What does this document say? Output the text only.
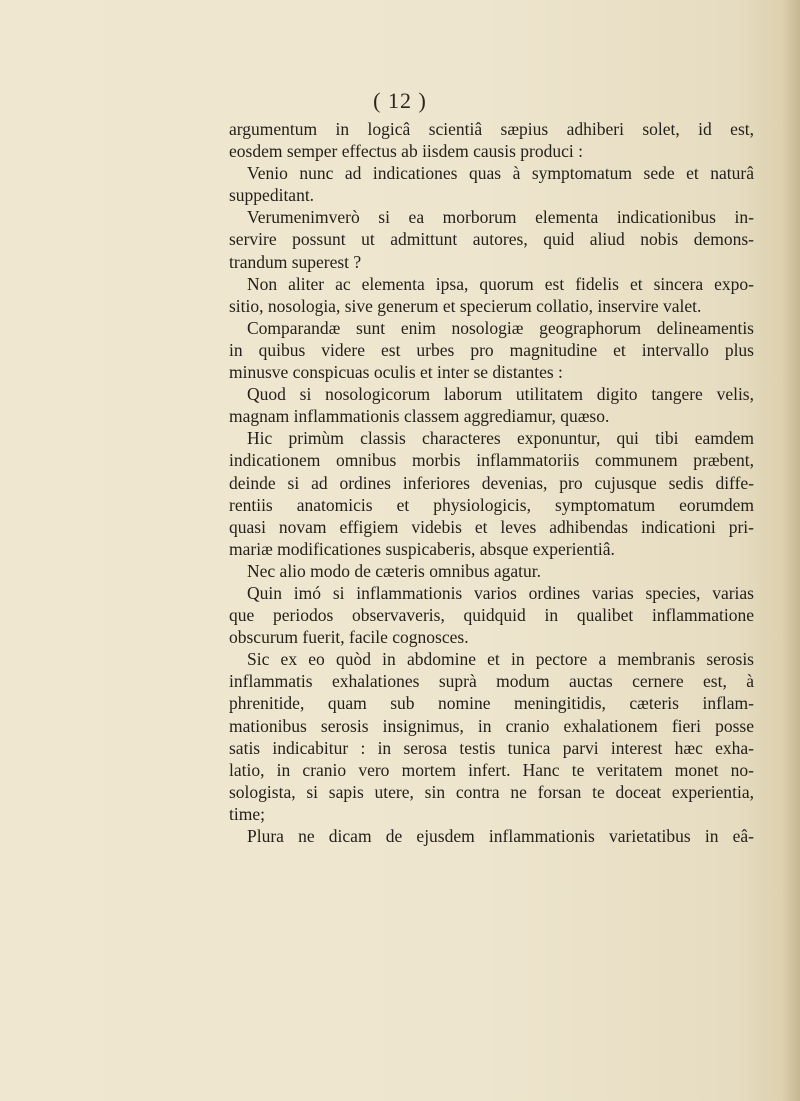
( 12 )
argumentum in logicâ scientiâ sæpius adhiberi solet, id est,
eosdem semper effectus ab iisdem causis produci :
Venio nunc ad indicationes quas à symptomatum sede et naturâ
suppeditant.
Verumenimverò si ea morborum elementa indicationibus in-
servire possunt ut admittunt autores, quid aliud nobis demons-
trandum superest ?
Non aliter ac elementa ipsa, quorum est fidelis et sincera expo-
sitio, nosologia, sive generum et specierum collatio, inservire valet.
Comparandæ sunt enim nosologiæ geographorum delineamentis
in quibus videre est urbes pro magnitudine et intervallo plus
minusve conspicuas oculis et inter se distantes :
Quod si nosologicorum laborum utilitatem digito tangere velis,
magnam inflammationis classem aggrediamur, quæso.
Hic primùm classis characteres exponuntur, qui tibi eamdem
indicationem omnibus morbis inflammatoriis communem præbent,
deinde si ad ordines inferiores devenias, pro cujusque sedis diffe-
rentiis anatomicis et physiologicis, symptomatum eorumdem
quasi novam effigiem videbis et leves adhibendas indicationi pri-
mariæ modificationes suspicaberis, absque experientiâ.
Nec alio modo de cæteris omnibus agatur.
Quin imó si inflammationis varios ordines varias species, varias
que periodos observaveris, quidquid in qualibet inflammatione
obscurum fuerit, facile cognosces.
Sic ex eo quòd in abdomine et in pectore a membranis serosis
inflammatis exhalationes suprà modum auctas cernere est, à
phrenitide, quam sub nomine meningitidis, cæteris inflam-
mationibus serosis insignimus, in cranio exhalationem fieri posse
satis indicabitur : in serosa testis tunica parvi interest hæc exha-
latio, in cranio vero mortem infert. Hanc te veritatem monet no-
sologista, si sapis utere, sin contra ne forsan te doceat experientia,
time;
Plura ne dicam de ejusdem inflammationis varietatibus in eâ-
